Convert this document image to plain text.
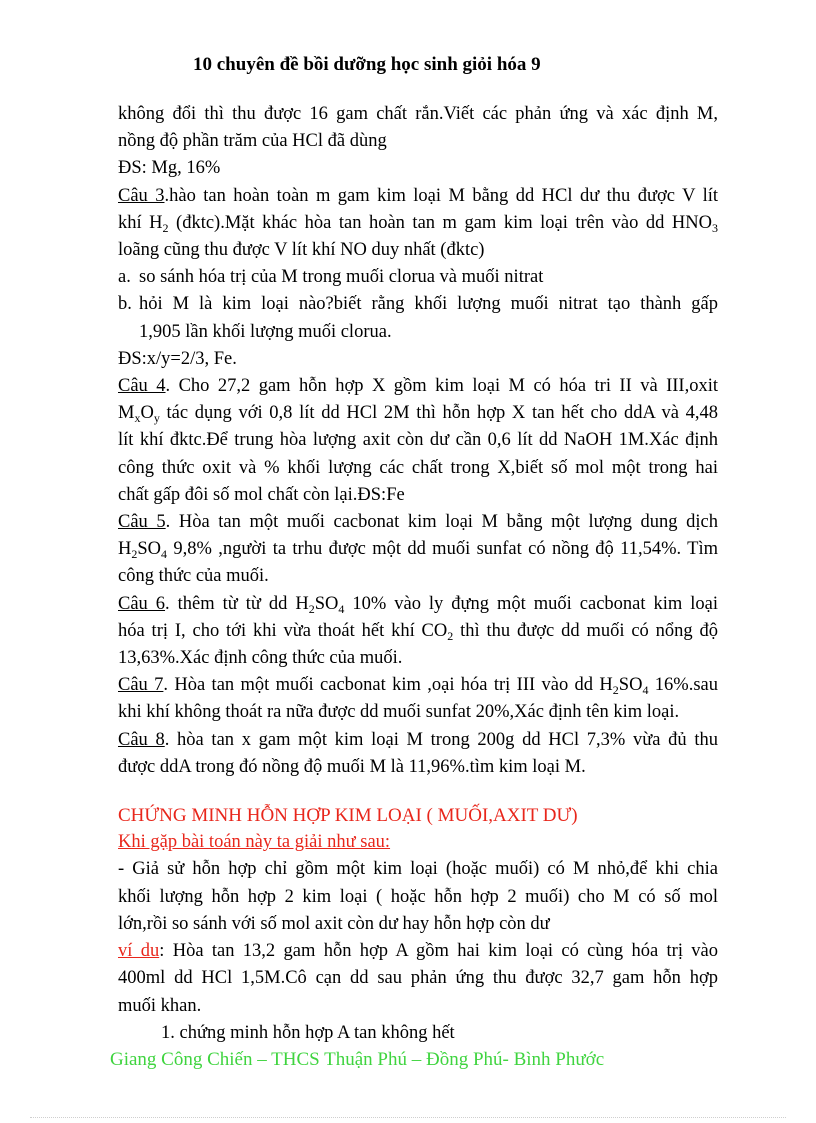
10 chuyên đề bồi dưỡng học sinh giỏi hóa 9

không đổi thì thu được 16 gam chất rắn.Viết các phản ứng và xác định M,

nồng độ phần trăm của HCl đã dùng

ĐS: Mg, 16%

Câu 3.hào tan hoàn toàn m gam kim loại M bằng dd HCl dư thu được V lít

khí $H_2$ (đktc).Mặt khác hòa tan hoàn tan m gam kim loại trên vào dd $HNO_3$

loãng cũng thu được V lít khí NO duy nhất (đktc)

a. so sánh hóa trị của M trong muối clorua và muối nitrat
b. hỏi M là kim loại nào?biết rằng khối lượng muối nitrat tạo thành gấp

1,905 lần khối lượng muối clorua.

ĐS:x/y=2/3, Fe.

Câu 4. Cho 27,2 gam hỗn hợp X gồm kim loại M có hóa tri II và III,oxit

$M_xO_y$ tác dụng với 0,8 lít dd HCl 2M thì hỗn hợp X tan hết cho ddA và 4,48

lít khí đktc.Để trung hòa lượng axit còn dư cần 0,6 lít dd NaOH 1M.Xác định

công thức oxit và % khối lượng các chất trong X,biết số mol một trong hai

chất gấp đôi số mol chất còn lại.ĐS:Fe

Câu 5. Hòa tan một muối cacbonat kim loại M bằng một lượng dung dịch

$H_2SO_4$ 9,8% ,người ta trhu được một dd muối sunfat có nồng độ 11,54%. Tìm

công thức của muối.

Câu 6. thêm từ từ dd $H_2SO_4$ 10% vào ly đựng một muối cacbonat kim loại

hóa trị I, cho tới khi vừa thoát hết khí $CO_2$ thì thu được dd muối có nổng độ

13,63%.Xác định công thức của muối.

Câu 7. Hòa tan một muối cacbonat kim ,oại hóa trị III vào dd $H_2SO_4$ 16%.sau

khi khí không thoát ra nữa được dd muối sunfat 20%,Xác định tên kim loại.

Câu 8. hòa tan x gam một kim loại M trong 200g dd HCl 7,3% vừa đủ thu

được ddA trong đó nồng độ muối M là 11,96%.tìm kim loại M.

CHỨNG MINH HỖN HỢP KIM LOẠI ( MUỐI,AXIT DƯ)

Khi gặp bài toán này ta giải như sau:

- Giả sử hỗn hợp chỉ gồm một kim loại (hoặc muối) có M nhỏ,để khi chia

khối lượng hỗn hợp 2 kim loại ( hoặc hỗn hợp 2 muối) cho M có số mol

lớn,rồi so sánh với số mol axit còn dư hay hỗn hợp còn dư

ví du: Hòa tan 13,2 gam hỗn hợp A gồm hai kim loại có cùng hóa trị vào

400ml dd HCl 1,5M.Cô cạn dd sau phản ứng thu được 32,7 gam hỗn hợp

muối khan.

1. chứng minh hỗn hợp A tan không hết

Giang Công Chiến – THCS Thuận Phú – Đồng Phú- Bình Phước
